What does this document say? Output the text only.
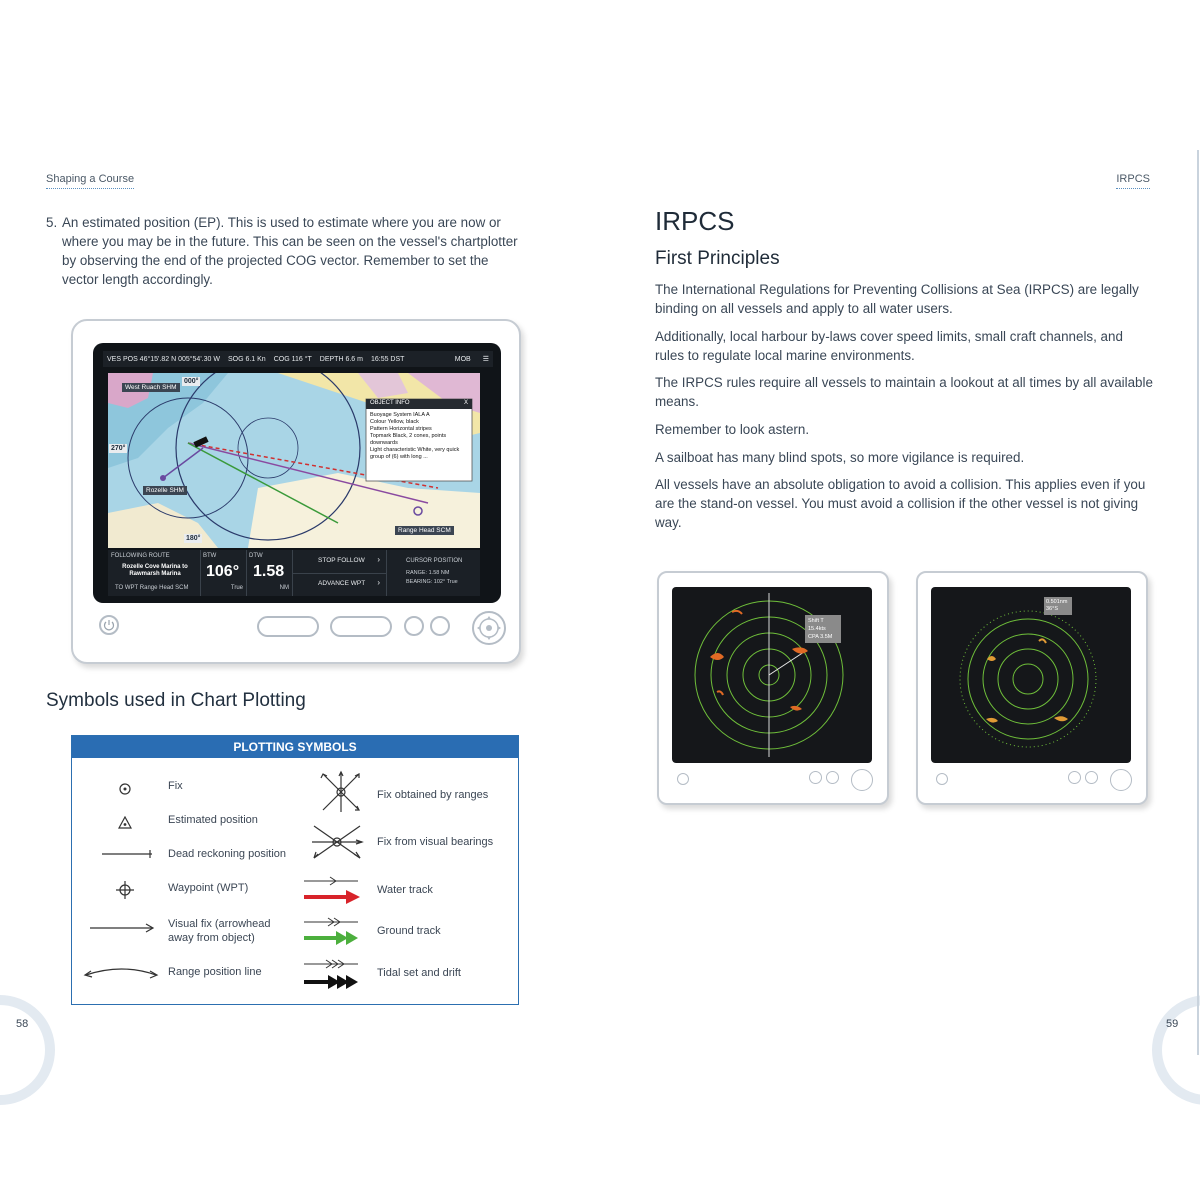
Shaping a Course
5. An estimated position (EP). This is used to estimate where you are now or where you may be in the future. This can be seen on the vessel's chartplotter by observing the end of the projected COG vector. Remember to set the vector length accordingly.
VES POS 46°15'.82 N 005°54'.30 W SOG 6.1 Kn COG 116 °T DEPTH 6.6 m 16:55 DST	MOB ☰
West Ruach SHM
000°
270°
Rozelle SHM
180°
Range Head SCM
OBJECT INFO	X
Buoyage System IALA A
Colour Yellow, black
Pattern Horizontal stripes
Topmark Black, 2 cones, points downwards
Light characteristic White, very quick group of (6) with long ...
FOLLOWING ROUTE
Rozelle Cove Marina to Rawmarsh Marina
TO WPT Range Head SCM
BTW
106°
True
DTW
1.58
NM
STOP FOLLOW ›
ADVANCE WPT ›
CURSOR POSITION
RANGE: 1.58 NM
BEARING: 102° True
Symbols used in Chart Plotting
PLOTTING SYMBOLS
Fix
Estimated position
Dead reckoning position
Waypoint (WPT)
Visual fix (arrowhead away from object)
Range position line
Fix obtained by ranges
Fix from visual bearings
Water track
Ground track
Tidal set and drift
58
IRPCS
IRPCS
First Principles
The International Regulations for Preventing Collisions at Sea (IRPCS) are legally binding on all vessels and apply to all water users.
Additionally, local harbour by-laws cover speed limits, small craft channels, and rules to regulate local marine environments.
The IRPCS rules require all vessels to maintain a lookout at all times by all available means.
Remember to look astern.
A sailboat has many blind spots, so more vigilance is required.
All vessels have an absolute obligation to avoid a collision. This applies even if you are the stand-on vessel. You must avoid a collision if the other vessel is not giving way.
Shift T
15.4kts
CPA 3.5M
0.501nm
36°S
59
